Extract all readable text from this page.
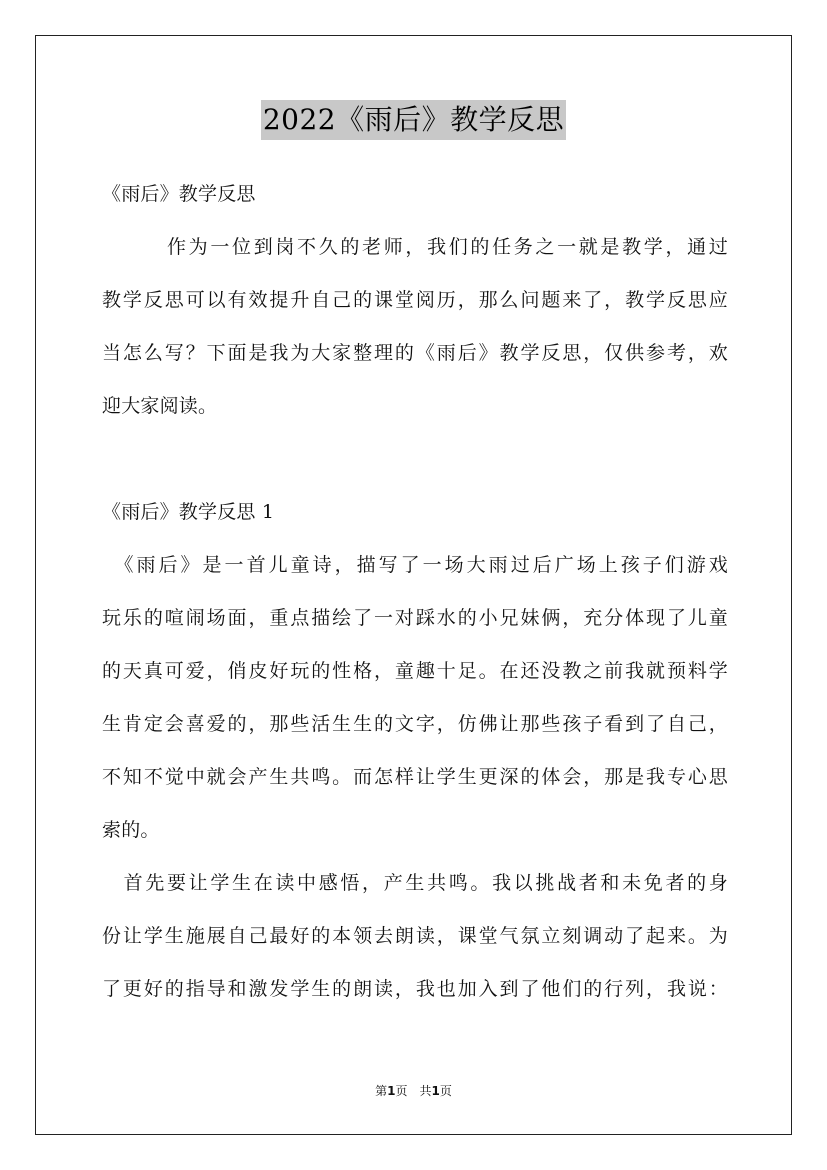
2022《雨后》教学反思
《雨后》教学反思
　　　作为一位到岗不久的老师，我们的任务之一就是教学，通过
教学反思可以有效提升自己的课堂阅历，那么问题来了，教学反思应
当怎么写？下面是我为大家整理的《雨后》教学反思，仅供参考，欢
迎大家阅读。
《雨后》教学反思 1
　《雨后》是一首儿童诗，描写了一场大雨过后广场上孩子们游戏
玩乐的喧闹场面，重点描绘了一对踩水的小兄妹俩，充分体现了儿童
的天真可爱，俏皮好玩的性格，童趣十足。在还没教之前我就预料学
生肯定会喜爱的，那些活生生的文字，仿佛让那些孩子看到了自己，
不知不觉中就会产生共鸣。而怎样让学生更深的体会，那是我专心思
索的。
　首先要让学生在读中感悟，产生共鸣。我以挑战者和未免者的身
份让学生施展自己最好的本领去朗读，课堂气氛立刻调动了起来。为
了更好的指导和激发学生的朗读，我也加入到了他们的行列，我说：
第1页　共1页
